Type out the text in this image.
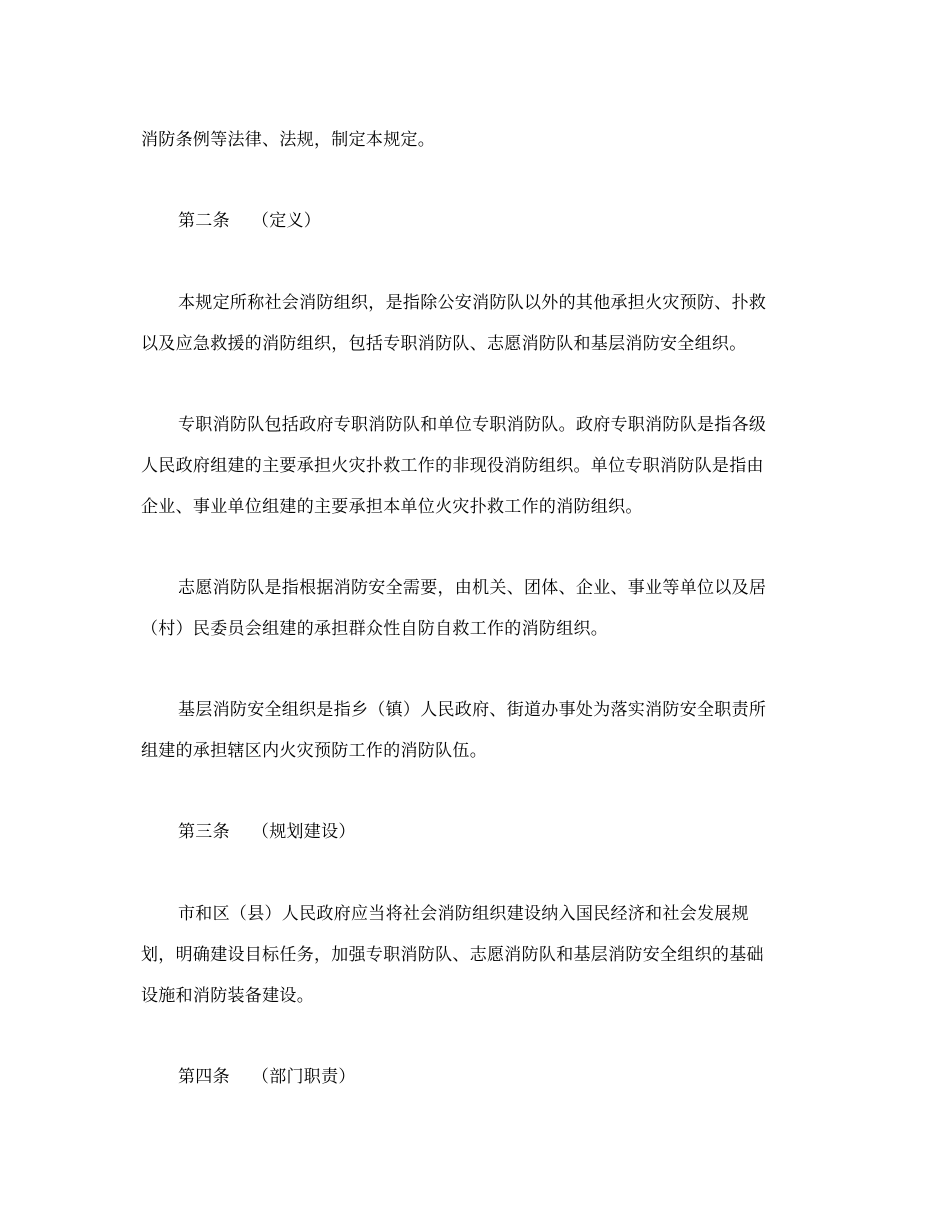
消防条例等法律、法规，制定本规定。
第二条 （定义）
本规定所称社会消防组织，是指除公安消防队以外的其他承担火灾预防、扑救
以及应急救援的消防组织，包括专职消防队、志愿消防队和基层消防安全组织。
专职消防队包括政府专职消防队和单位专职消防队。政府专职消防队是指各级
人民政府组建的主要承担火灾扑救工作的非现役消防组织。单位专职消防队是指由
企业、事业单位组建的主要承担本单位火灾扑救工作的消防组织。
志愿消防队是指根据消防安全需要，由机关、团体、企业、事业等单位以及居
（村）民委员会组建的承担群众性自防自救工作的消防组织。
基层消防安全组织是指乡（镇）人民政府、街道办事处为落实消防安全职责所
组建的承担辖区内火灾预防工作的消防队伍。
第三条 （规划建设）
市和区（县）人民政府应当将社会消防组织建设纳入国民经济和社会发展规
划，明确建设目标任务，加强专职消防队、志愿消防队和基层消防安全组织的基础
设施和消防装备建设。
第四条 （部门职责）
